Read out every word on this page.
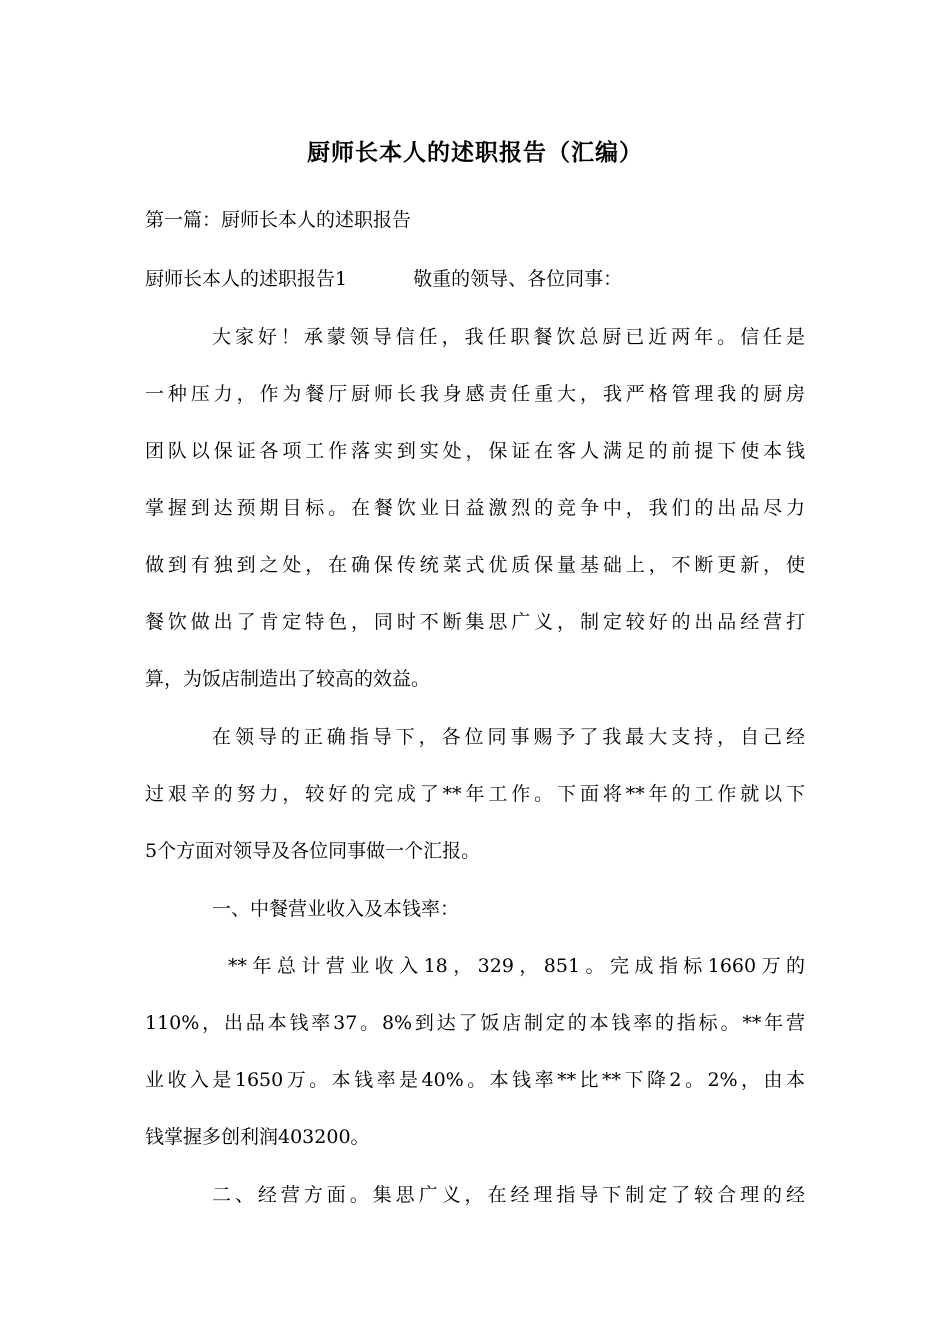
厨师长本人的述职报告（汇编）
第一篇：厨师长本人的述职报告
厨师长本人的述职报告1	敬重的领导、各位同事：
大家好！承蒙领导信任，我任职餐饮总厨已近两年。信任是
一种压力，作为餐厅厨师长我身感责任重大，我严格管理我的厨房
团队以保证各项工作落实到实处，保证在客人满足的前提下使本钱
掌握到达预期目标。在餐饮业日益激烈的竞争中，我们的出品尽力
做到有独到之处，在确保传统菜式优质保量基础上，不断更新，使
餐饮做出了肯定特色，同时不断集思广义，制定较好的出品经营打
算，为饭店制造出了较高的效益。
在领导的正确指导下，各位同事赐予了我最大支持，自己经
过艰辛的努力，较好的完成了**年工作。下面将**年的工作就以下
5个方面对领导及各位同事做一个汇报。
一、中餐营业收入及本钱率：
**年总计营业收入18，329，851。完成指标1660万的
110%，出品本钱率37。8%到达了饭店制定的本钱率的指标。**年营
业收入是1650万。本钱率是40%。本钱率**比**下降2。2%，由本
钱掌握多创利润403200。
二、经营方面。集思广义，在经理指导下制定了较合理的经
